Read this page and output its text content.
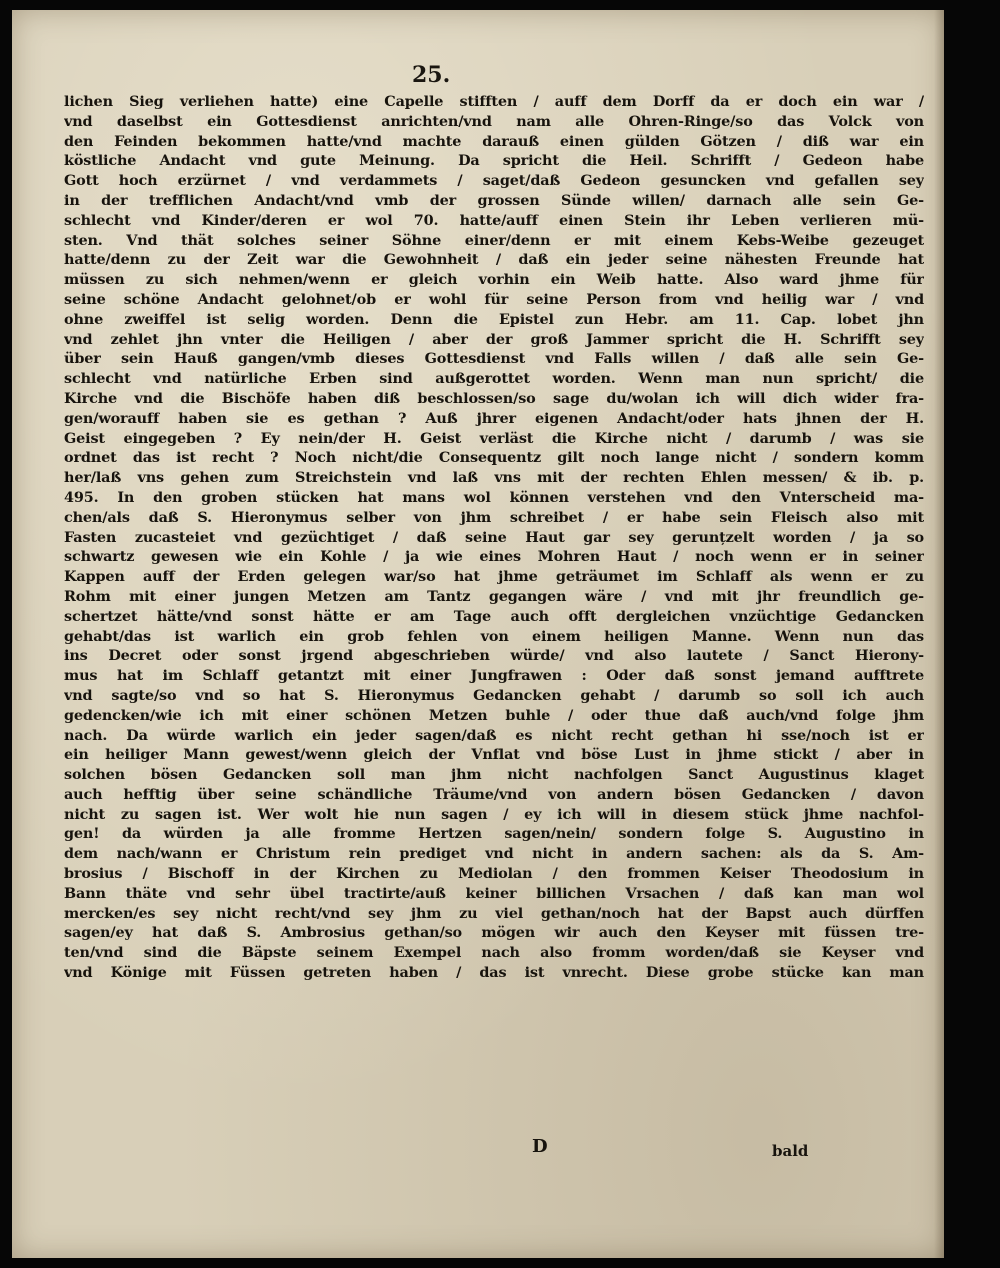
25.
lichen Sieg verliehen hatte) eine Capelle stifften / auff dem Dorff da er doch ein war /
vnd daselbst ein Gottesdienst anrichten/vnd nam alle Ohren-Ringe/so das Volck von
den Feinden bekommen hatte/vnd machte darauß einen gülden Götzen / diß war ein
köstliche Andacht vnd gute Meinung. Da spricht die Heil. Schrifft / Gedeon habe
Gott hoch erzürnet / vnd verdammets / saget/daß Gedeon gesuncken vnd gefallen sey
in der trefflichen Andacht/vnd vmb der grossen Sünde willen/ darnach alle sein Ge-
schlecht vnd Kinder/deren er wol 70. hatte/auff einen Stein ihr Leben verlieren mü-
sten. Vnd thät solches seiner Söhne einer/denn er mit einem Kebs-Weibe gezeuget
hatte/denn zu der Zeit war die Gewohnheit / daß ein jeder seine nähesten Freunde hat
müssen zu sich nehmen/wenn er gleich vorhin ein Weib hatte. Also ward jhme für
seine schöne Andacht gelohnet/ob er wohl für seine Person from vnd heilig war / vnd
ohne zweiffel ist selig worden. Denn die Epistel zun Hebr. am 11. Cap. lobet jhn
vnd zehlet jhn vnter die Heiligen / aber der groß Jammer spricht die H. Schrifft sey
über sein Hauß gangen/vmb dieses Gottesdienst vnd Falls willen / daß alle sein Ge-
schlecht vnd natürliche Erben sind außgerottet worden. Wenn man nun spricht/ die
Kirche vnd die Bischöfe haben diß beschlossen/so sage du/wolan ich will dich wider fra-
gen/worauff haben sie es gethan ? Auß jhrer eigenen Andacht/oder hats jhnen der H.
Geist eingegeben ? Ey nein/der H. Geist verläst die Kirche nicht / darumb / was sie
ordnet das ist recht ? Noch nicht/die Consequentz gilt noch lange nicht / sondern komm
her/laß vns gehen zum Streichstein vnd laß vns mit der rechten Ehlen messen/ & ib. p.
495. In den groben stücken hat mans wol können verstehen vnd den Vnterscheid ma-
chen/als daß S. Hieronymus selber von jhm schreibet / er habe sein Fleisch also mit
Fasten zucasteiet vnd gezüchtiget / daß seine Haut gar sey gerunțzelt worden / ja so
schwartz gewesen wie ein Kohle / ja wie eines Mohren Haut / noch wenn er in seiner
Kappen auff der Erden gelegen war/so hat jhme geträumet im Schlaff als wenn er zu
Rohm mit einer jungen Metzen am Tantz gegangen wäre / vnd mit jhr freundlich ge-
schertzet hätte/vnd sonst hätte er am Tage auch offt dergleichen vnzüchtige Gedancken
gehabt/das ist warlich ein grob fehlen von einem heiligen Manne. Wenn nun das
ins Decret oder sonst jrgend abgeschrieben würde/ vnd also lautete / Sanct Hierony-
mus hat im Schlaff getantzt mit einer Jungfrawen : Oder daß sonst jemand aufftrete
vnd sagte/so vnd so hat S. Hieronymus Gedancken gehabt / darumb so soll ich auch
gedencken/wie ich mit einer schönen Metzen buhle / oder thue daß auch/vnd folge jhm
nach. Da würde warlich ein jeder sagen/daß es nicht recht gethan hi sse/noch ist er
ein heiliger Mann gewest/wenn gleich der Vnflat vnd böse Lust in jhme stickt / aber in
solchen bösen Gedancken soll man jhm nicht nachfolgen Sanct Augustinus klaget
auch hefftig über seine schändliche Träume/vnd von andern bösen Gedancken / davon
nicht zu sagen ist. Wer wolt hie nun sagen / ey ich will in diesem stück jhme nachfol-
gen! da würden ja alle fromme Hertzen sagen/nein/ sondern folge S. Augustino in
dem nach/wann er Christum rein prediget vnd nicht in andern sachen: als da S. Am-
brosius / Bischoff in der Kirchen zu Mediolan / den frommen Keiser Theodosium in
Bann thäte vnd sehr übel tractirte/auß keiner billichen Vrsachen / daß kan man wol
mercken/es sey nicht recht/vnd sey jhm zu viel gethan/noch hat der Bapst auch dürffen
sagen/ey hat daß S. Ambrosius gethan/so mögen wir auch den Keyser mit füssen tre-
ten/vnd sind die Bäpste seinem Exempel nach also fromm worden/daß sie Keyser vnd
vnd Könige mit Füssen getreten haben / das ist vnrecht. Diese grobe stücke kan man
D	bald
